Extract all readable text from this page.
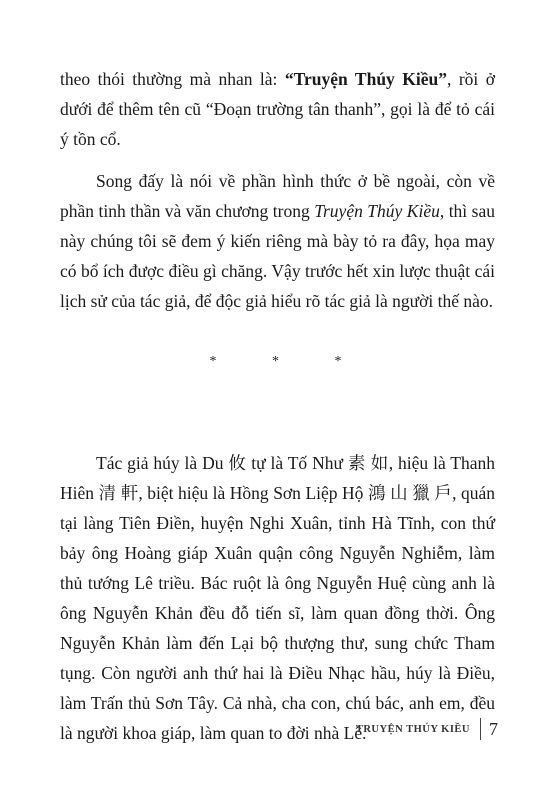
theo thói thường mà nhan là: “Truyện Thúy Kiều”, rồi ở dưới để thêm tên cũ “Đoạn trường tân thanh”, gọi là để tỏ cái ý tồn cổ.

Song đấy là nói về phần hình thức ở bề ngoài, còn về phần tinh thần và văn chương trong Truyện Thúy Kiều, thì sau này chúng tôi sẽ đem ý kiến riêng mà bày tỏ ra đây, họa may có bổ ích được điều gì chăng. Vậy trước hết xin lược thuật cái lịch sử của tác giả, để độc giả hiểu rõ tác giả là người thế nào.

* * *

Tác giả húy là Du 攸 tự là Tố Như 素 如, hiệu là Thanh Hiên 清 軒, biệt hiệu là Hồng Sơn Liệp Hộ 鴻 山 獵 戶, quán tại làng Tiên Điền, huyện Nghi Xuân, tỉnh Hà Tĩnh, con thứ bảy ông Hoàng giáp Xuân quận công Nguyễn Nghiễm, làm thủ tướng Lê triều. Bác ruột là ông Nguyễn Huệ cùng anh là ông Nguyễn Khản đều đỗ tiến sĩ, làm quan đồng thời. Ông Nguyễn Khản làm đến Lại bộ thượng thư, sung chức Tham tụng. Còn người anh thứ hai là Điều Nhạc hầu, húy là Điều, làm Trấn thủ Sơn Tây. Cả nhà, cha con, chú bác, anh em, đều là người khoa giáp, làm quan to đời nhà Lê.

TRUYỆN THÚY KIỀU 7
